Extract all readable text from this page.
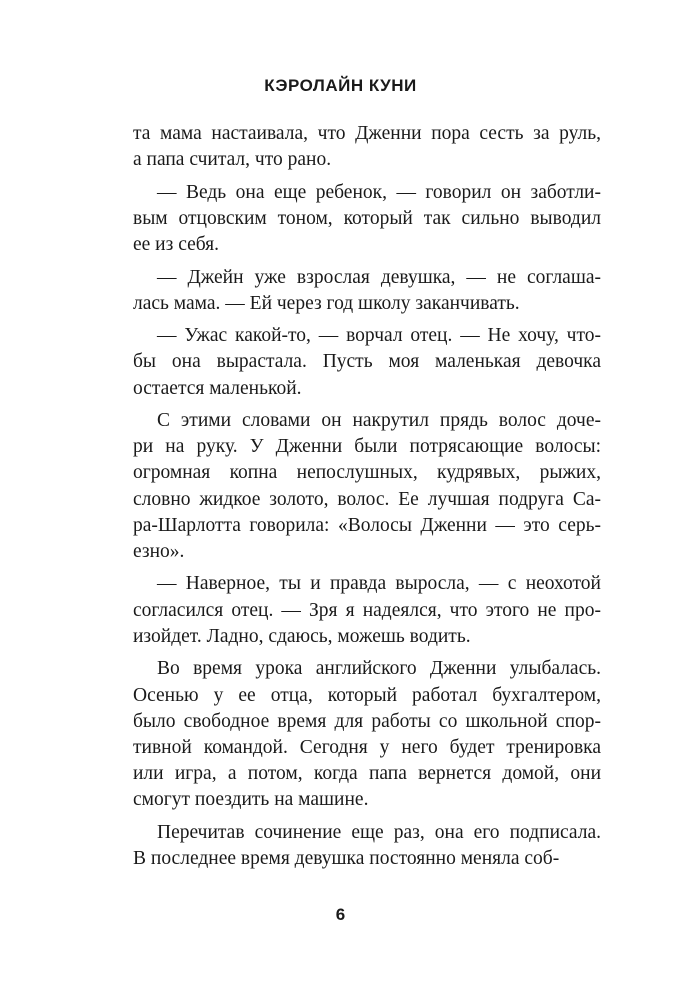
КЭРОЛАЙН КУНИ
та мама настаивала, что Дженни пора сесть за руль,
а папа считал, что рано.
— Ведь она еще ребенок, — говорил он заботли-
вым отцовским тоном, который так сильно выводил
ее из себя.
— Джейн уже взрослая девушка, — не соглаша-
лась мама. — Ей через год школу заканчивать.
— Ужас какой-то, — ворчал отец. — Не хочу, что-
бы она вырастала. Пусть моя маленькая девочка
остается маленькой.
С этими словами он накрутил прядь волос доче-
ри на руку. У Дженни были потрясающие волосы:
огромная копна непослушных, кудрявых, рыжих,
словно жидкое золото, волос. Ее лучшая подруга Са-
ра-Шарлотта говорила: «Волосы Дженни — это серь-
езно».
— Наверное, ты и правда выросла, — с неохотой
согласился отец. — Зря я надеялся, что этого не про-
изойдет. Ладно, сдаюсь, можешь водить.
Во время урока английского Дженни улыбалась.
Осенью у ее отца, который работал бухгалтером,
было свободное время для работы со школьной спор-
тивной командой. Сегодня у него будет тренировка
или игра, а потом, когда папа вернется домой, они
смогут поездить на машине.
Перечитав сочинение еще раз, она его подписала.
В последнее время девушка постоянно меняла соб-
6
